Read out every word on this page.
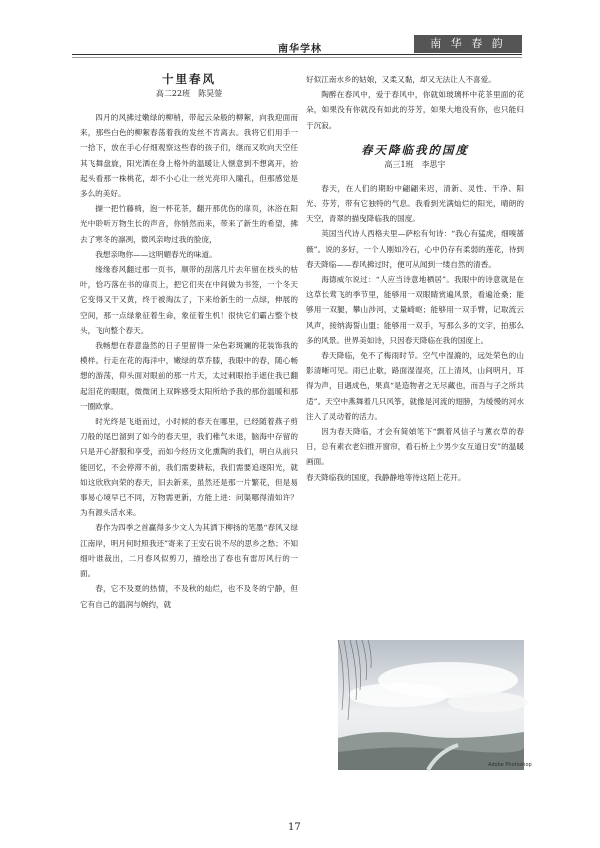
南华学林	南 华 春 韵
十里春风
高二22班　陈昊蓥

四月的风拂过嫩绿的柳梢，带起云朵般的柳絮，向我迎面而来，那些白色的柳絮春荡着我的发丝不肯离去。我将它们用手一一拾下，放在手心仔细观察这些春的孩子们，继而又吹向天空任其飞舞盘旋，阳光洒在身上格外的温暖让人惬意到不想离开，抬起头看那一株桃花，却不小心让一丝光亮印入瞳孔，但那感觉是多么的美好。

撷一把竹藤椅，泡一杯花茶，翻开那优伤的扉页，沐浴在阳光中聆听万物生长的声音，你悄然而来，带来了新生的希望，拂去了寒冬的凛冽，微风亲吻过我的脸庞，

我想亲吻你——这明媚春光的味道。

缘缘春风翻过那一页书，顺带的刮落几片去年留在枝头的枯叶，恰巧落在书的扉页上，把它们夹在中间做为书签，一个冬天它变得又干又黄，终于被淘汰了，下来给新生的一点绿，伸展的空间，那一点绿象征着生命，象征着生机！很快它们霸占整个枝头，飞向整个春天。

我畅想在春意盎然的日子里留得一朵色彩斑斓的花装饰我的模样。行走在花的海洋中，嫩绿的草乔膝，我眼中的春，随心畅想的游荡，仰头面对眼前的那一片天，太过刺眼抬手遮住我已翻起泪花的眼眶，微微闭上双眸感受太阳所给予我的那份温暖和那一圈欧掌。

时光终是飞逝而过，小时候的春天在哪里，已经随着燕子剪刀般的尾巴溜到了如今的春天里，我们稚气未退，脑海中存留的只是开心舒服和享受，而如今经历文化熏陶的我们，明白从前只能回忆，不会停滞不前，我们需要耕耘，我们需要追逐阳光，就如这欣欣向荣的春天，旧去新来，虽然还是那一片繁花，但是易事易心境早已不同，万物需更新，方能上进：问渠哪得清如许？为有源头活水来。

春作为四季之首赢得多少文人为其洒下柳扬的笔墨“春风又绿江南岸，明月何时照我还”寄来了王安石说不尽的思乡之愁；不知细叶谁裁出，二月春风似剪刀，描绘出了春也有雷厉风行的一面。

春，它不及夏的热情，不及秋的灿烂，也不及冬的宁静，但它有自己的温润与婉约，就

好似江南水乡的姑娘，又柔又黏，却又无法让人不喜爱。

陶醉在春风中，爱于春风中，你就如玻璃杯中花茶里面的花朵，如果没有你就没有如此的芬芳，如果大地没有你，也只能归于沉寂。

春天降临我的国度
高三1班　李思宇

春天，在人们的期盼中翩翩来迟，清新、灵性、干净、阳光、芬芳，带有它独特的气息。我看到光满灿烂的阳光，晴朗的天空，青翠的描曳降临我的国度。

英国当代诗人西格夫里—萨松有句诗：“我心有猛虎，细嗅蔷薇”。说的多好，一个人刚如冷石，心中仍存有柔弱的莲花，待到春天降临——春风拂过时，便可从闻到一缕自然的清香。

海德威尔说过：“人应当诗意地栖居”。我眼中的诗意就是在这草长莺飞的季节里，能够用一双眼睛赏遍风景，看遍沧桑；能够用一双腿，攀山涉河，丈量崎岖；能够用一双手臂，记取流云风声，接纳海誓山盟；能够用一双手，写那么多的文字，拍那么多的风景。世界美如诗，只因春天降临在我的国度上。

春天降临，免不了梅雨时节。空气中湿漉的，远处荣色的山影清晰可见。雨已止歇，路面湿湿亮，江上清风，山间明月，耳得为声，目遇成色，果真“是造物者之无尽藏也，而吾与子之所共适”。天空中燕舞着几只风筝，就像是河流的翅膀，为缓慢的河水注入了灵动着的活力。

因为春天降临，才会有简媜笔下“飘着风信子与薰衣草的春日，总有素衣老妇推开窗帘，看石桥上少男少女互道日安”的温暖画面。

春天降临我的国度，我静静地等待这陌上花开。

Adobe Photoshop
17
